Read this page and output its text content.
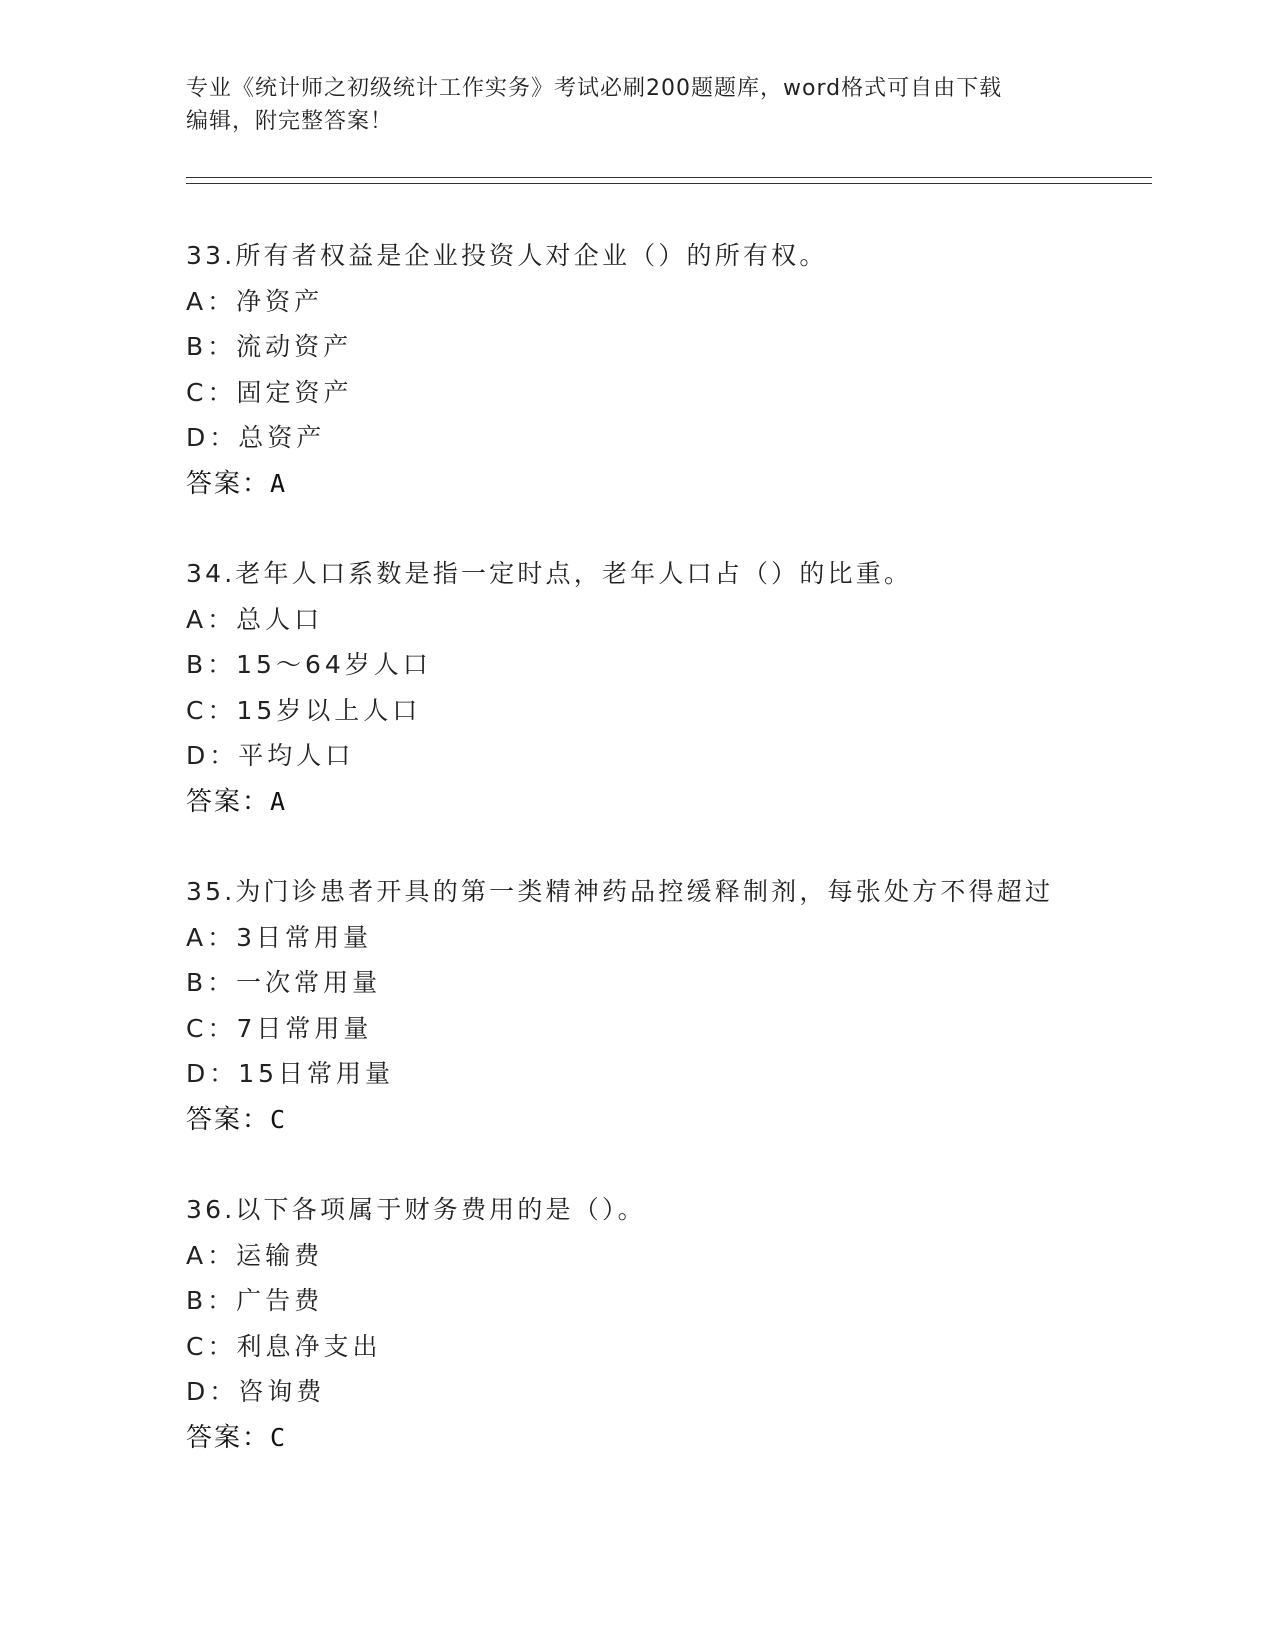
专业《统计师之初级统计工作实务》考试必刷200题题库，word格式可自由下载
编辑，附完整答案！
33.所有者权益是企业投资人对企业（）的所有权。
A：净资产
B：流动资产
C：固定资产
D：总资产
答案：A
34.老年人口系数是指一定时点，老年人口占（）的比重。
A：总人口
B：15～64岁人口
C：15岁以上人口
D：平均人口
答案：A
35.为门诊患者开具的第一类精神药品控缓释制剂，每张处方不得超过
A：3日常用量
B：一次常用量
C：7日常用量
D：15日常用量
答案：C
36.以下各项属于财务费用的是（）。
A：运输费
B：广告费
C：利息净支出
D：咨询费
答案：C
